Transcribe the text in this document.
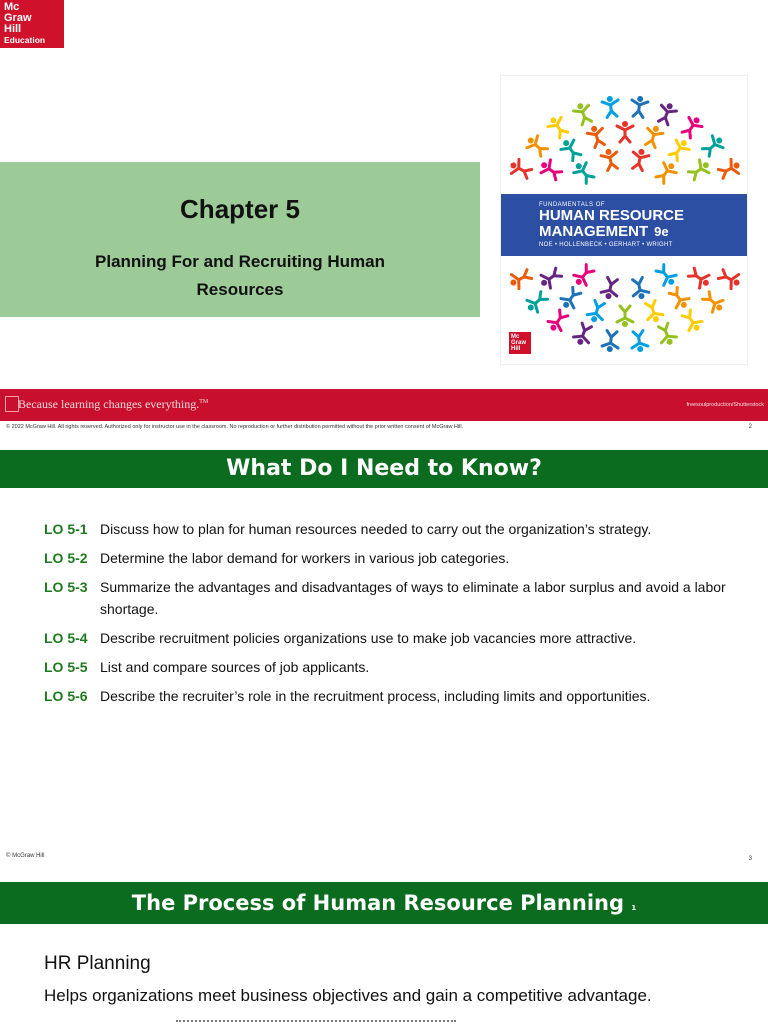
Mc
Graw
Hill
Education
Chapter 5
Planning For and Recruiting Human Resources
FUNDAMENTALS OF
HUMAN RESOURCE
MANAGEMENT 9e
NOE • HOLLENBECK • GERHART • WRIGHT
Mc
Graw
Hill
Because learning changes everything.™	freesoulproduction/Shutterstock
© 2022 McGraw Hill. All rights reserved. Authorized only for instructor use in the classroom. No reproduction or further distribution permitted without the prior written consent of McGraw Hill.	2
What Do I Need to Know?
LO 5-1 Discuss how to plan for human resources needed to carry out the organization’s strategy.
LO 5-2 Determine the labor demand for workers in various job categories.
LO 5-3 Summarize the advantages and disadvantages of ways to eliminate a labor surplus and avoid a labor shortage.
LO 5-4 Describe recruitment policies organizations use to make job vacancies more attractive.
LO 5-5 List and compare sources of job applicants.
LO 5-6 Describe the recruiter’s role in the recruitment process, including limits and opportunities.
© McGraw Hill	3
The Process of Human Resource Planning 1
HR Planning
Helps organizations meet business objectives and gain a competitive advantage.
